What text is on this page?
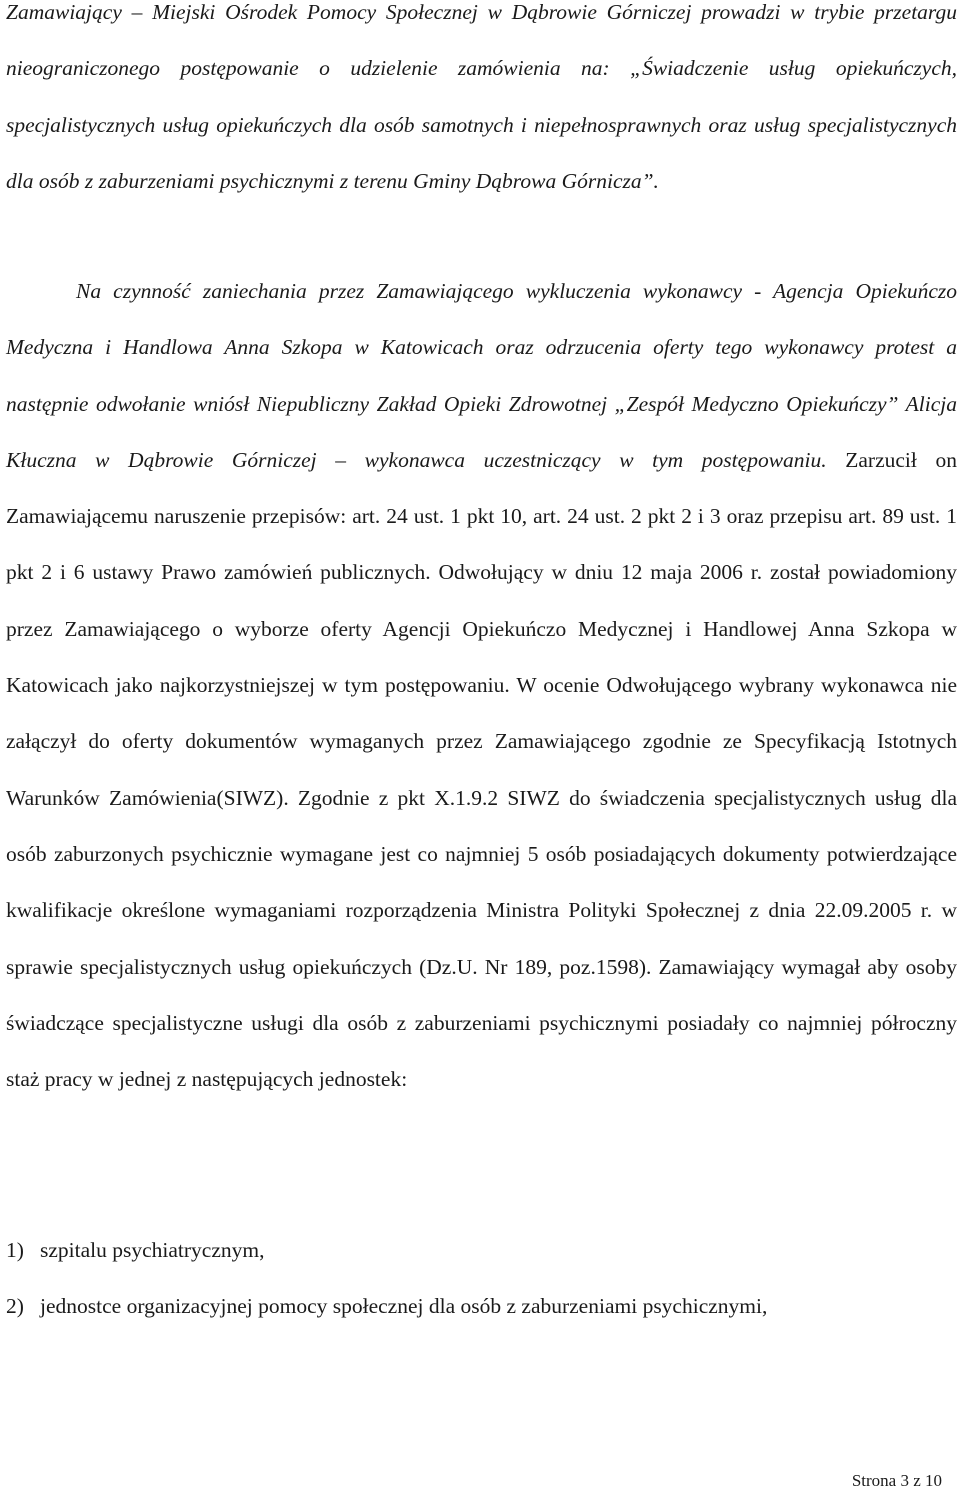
Zamawiający – Miejski Ośrodek Pomocy Społecznej w Dąbrowie Górniczej prowadzi w trybie przetargu nieograniczonego postępowanie o udzielenie zamówienia na: „Świadczenie usług opiekuńczych, specjalistycznych usług opiekuńczych dla osób samotnych i niepełnosprawnych oraz usług specjalistycznych dla osób z zaburzeniami psychicznymi z terenu Gminy Dąbrowa Górnicza”.

Na czynność zaniechania przez Zamawiającego wykluczenia wykonawcy - Agencja Opiekuńczo Medyczna i Handlowa Anna Szkopa w Katowicach oraz odrzucenia oferty tego wykonawcy protest a następnie odwołanie wniósł Niepubliczny Zakład Opieki Zdrowotnej „Zespół Medyczno Opiekuńczy” Alicja Kłuczna w Dąbrowie Górniczej – wykonawca uczestniczący w tym postępowaniu. Zarzucił on Zamawiającemu naruszenie przepisów: art. 24 ust. 1 pkt 10, art. 24 ust. 2 pkt 2 i 3 oraz przepisu art. 89 ust. 1 pkt 2 i 6 ustawy Prawo zamówień publicznych. Odwołujący w dniu 12 maja 2006 r. został powiadomiony przez Zamawiającego o wyborze oferty Agencji Opiekuńczo Medycznej i Handlowej Anna Szkopa w Katowicach jako najkorzystniejszej w tym postępowaniu. W ocenie Odwołującego wybrany wykonawca nie załączył do oferty dokumentów wymaganych przez Zamawiającego zgodnie ze Specyfikacją Istotnych Warunków Zamówienia(SIWZ). Zgodnie z pkt X.1.9.2 SIWZ do świadczenia specjalistycznych usług dla osób zaburzonych psychicznie wymagane jest co najmniej 5 osób posiadających dokumenty potwierdzające kwalifikacje określone wymaganiami rozporządzenia Ministra Polityki Społecznej z dnia 22.09.2005 r. w sprawie specjalistycznych usług opiekuńczych (Dz.U. Nr 189, poz.1598). Zamawiający wymagał aby osoby świadczące specjalistyczne usługi dla osób z zaburzeniami psychicznymi posiadały co najmniej półroczny staż pracy w jednej z następujących jednostek:

1) szpitalu psychiatrycznym,
2) jednostce organizacyjnej pomocy społecznej dla osób z zaburzeniami psychicznymi,
Strona 3 z 10
